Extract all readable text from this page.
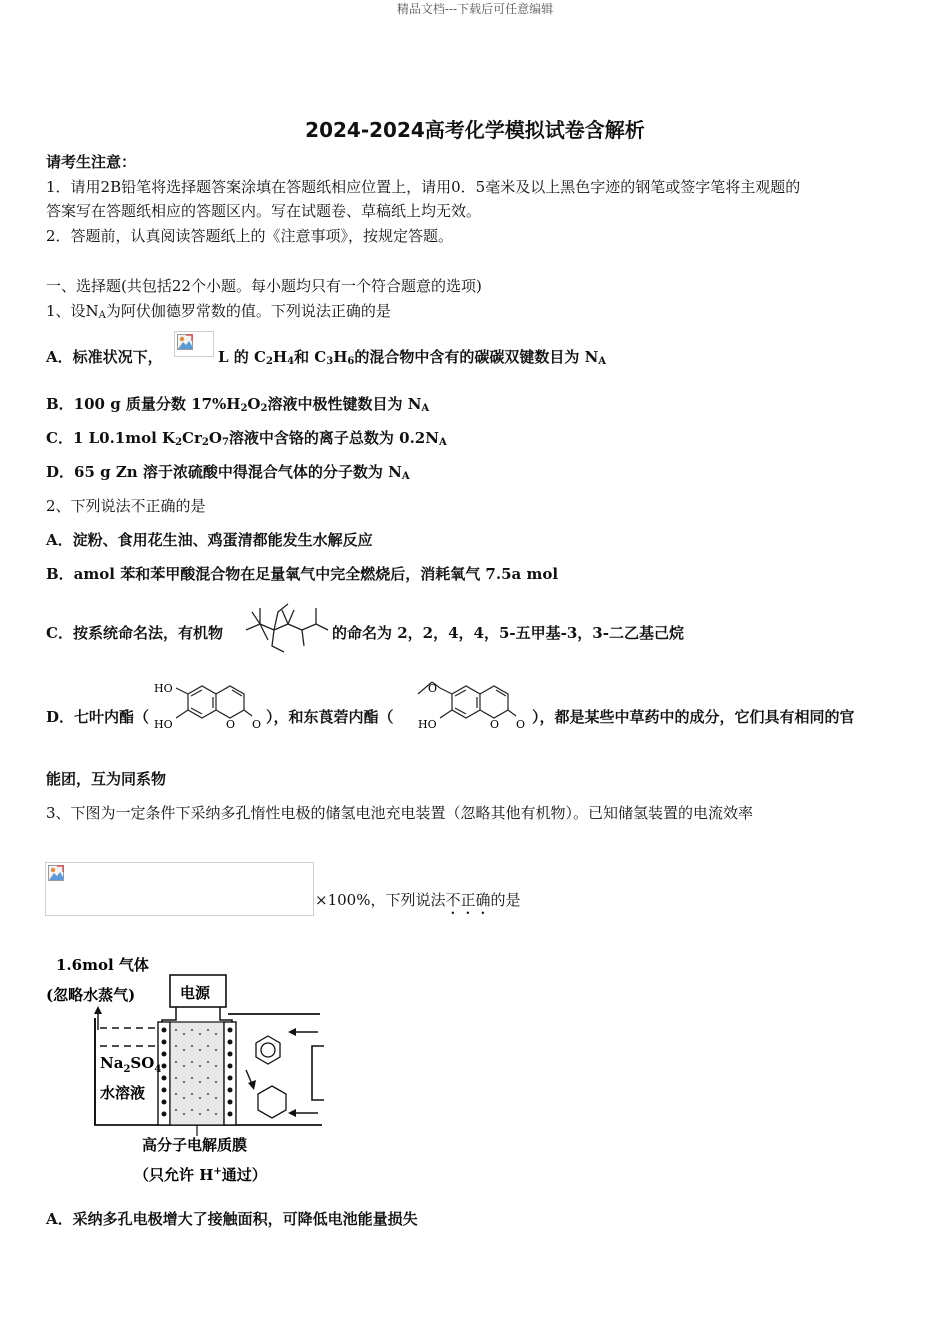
精品文档---下载后可任意编辑
2024-2024高考化学模拟试卷含解析
请考生注意：
1．请用2B铅笔将选择题答案涂填在答题纸相应位置上，请用0．5毫米及以上黑色字迹的钢笔或签字笔将主观题的
答案写在答题纸相应的答题区内。写在试题卷、草稿纸上均无效。
2．答题前，认真阅读答题纸上的《注意事项》，按规定答题。
一、选择题(共包括22个小题。每小题均只有一个符合题意的选项)
1、设$N_A$为阿伏伽德罗常数的值。下列说法正确的是
A．标准状况下，	L 的 $C_2H_4$和 $C_3H_6$的混合物中含有的碳碳双键数目为 $N_A$
B．100 g 质量分数 $17\%H_2O_2$溶液中极性键数目为 $N_A$
C．1 L0.1mol $K_2Cr_2O_7$溶液中含铬的离子总数为 $0.2N_A$
D．65 g Zn 溶于浓硫酸中得混合气体的分子数为 $N_A$
2、下列说法不正确的是
A．淀粉、食用花生油、鸡蛋清都能发生水解反应
B．amol 苯和苯甲酸混合物在足量氧气中完全燃烧后，消耗氧气 7.5a mol
C．按系统命名法，有机物	的命名为 2，2，4，4，5-五甲基-3，3-二乙基己烷
D．七叶内酯（
HO
HO	O O ），和东莨菪内酯（
O
HO	O O ），都是某些中草药中的成分，它们具有相同的官
能团，互为同系物
3、下图为一定条件下采纳多孔惰性电极的储氢电池充电装置（忽略其他有机物）。已知储氢装置的电流效率
×100%，下列说法不正确的是
1.6mol 气体
(忽略水蒸气)	电源
$Na_2SO_4$
水溶液
高分子电解质膜
（只允许 H+通过）
A．采纳多孔电极增大了接触面积，可降低电池能量损失
